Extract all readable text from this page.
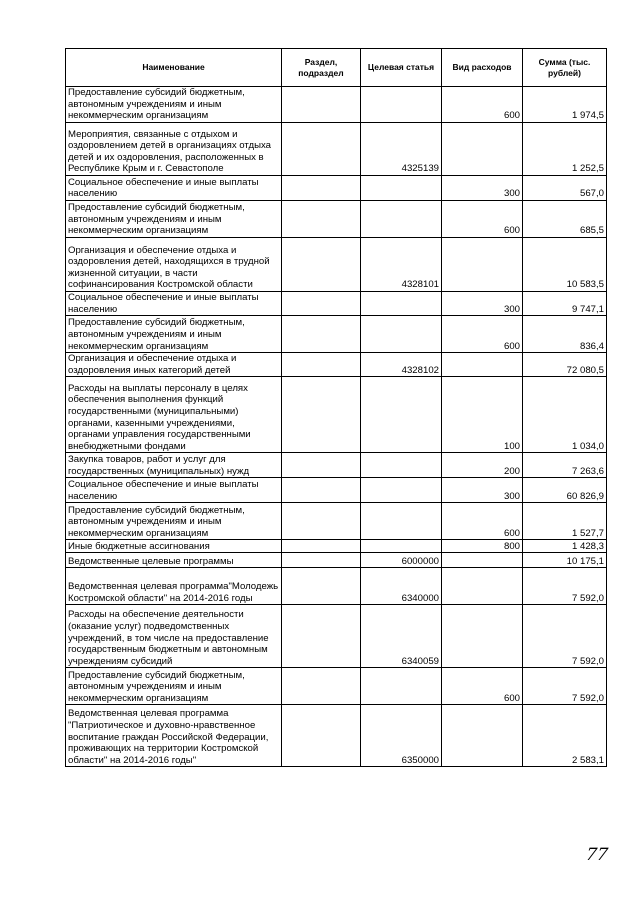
Наименование	Раздел, подраздел	Целевая статья	Вид расходов	Сумма (тыс. рублей)
Предоставление субсидий бюджетным, автономным учреждениям и иным некоммерческим организациям			600	1 974,5
Мероприятия, связанные с отдыхом и оздоровлением детей в организациях отдыха детей и их оздоровления, расположенных в Республике Крым и г. Севастополе		4325139		1 252,5
Социальное обеспечение и иные выплаты населению			300	567,0
Предоставление субсидий бюджетным, автономным учреждениям и иным некоммерческим организациям			600	685,5
Организация и обеспечение отдыха и оздоровления детей, находящихся в трудной жизненной ситуации, в части софинансирования Костромской области		4328101		10 583,5
Социальное обеспечение и иные выплаты населению			300	9 747,1
Предоставление субсидий бюджетным, автономным учреждениям и иным некоммерческим организациям			600	836,4
Организация и обеспечение отдыха и оздоровления иных категорий детей		4328102		72 080,5
Расходы на выплаты персоналу в целях обеспечения выполнения функций государственными (муниципальными) органами, казенными учреждениями, органами управления государственными внебюджетными фондами			100	1 034,0
Закупка товаров, работ и услуг для государственных (муниципальных) нужд			200	7 263,6
Социальное обеспечение и иные выплаты населению			300	60 826,9
Предоставление субсидий бюджетным, автономным учреждениям и иным некоммерческим организациям			600	1 527,7
Иные бюджетные ассигнования			800	1 428,3
Ведомственные целевые программы		6000000		10 175,1
Ведомственная целевая программа"Молодежь Костромской области" на 2014-2016 годы		6340000		7 592,0
Расходы на обеспечение деятельности (оказание услуг) подведомственных учреждений, в том числе на предоставление государственным бюджетным и автономным учреждениям субсидий		6340059		7 592,0
Предоставление субсидий бюджетным, автономным учреждениям и иным некоммерческим организациям			600	7 592,0
Ведомственная целевая программа "Патриотическое и духовно-нравственное воспитание граждан Российской Федерации, проживающих на территории Костромской области" на 2014-2016 годы"		6350000		2 583,1
77
